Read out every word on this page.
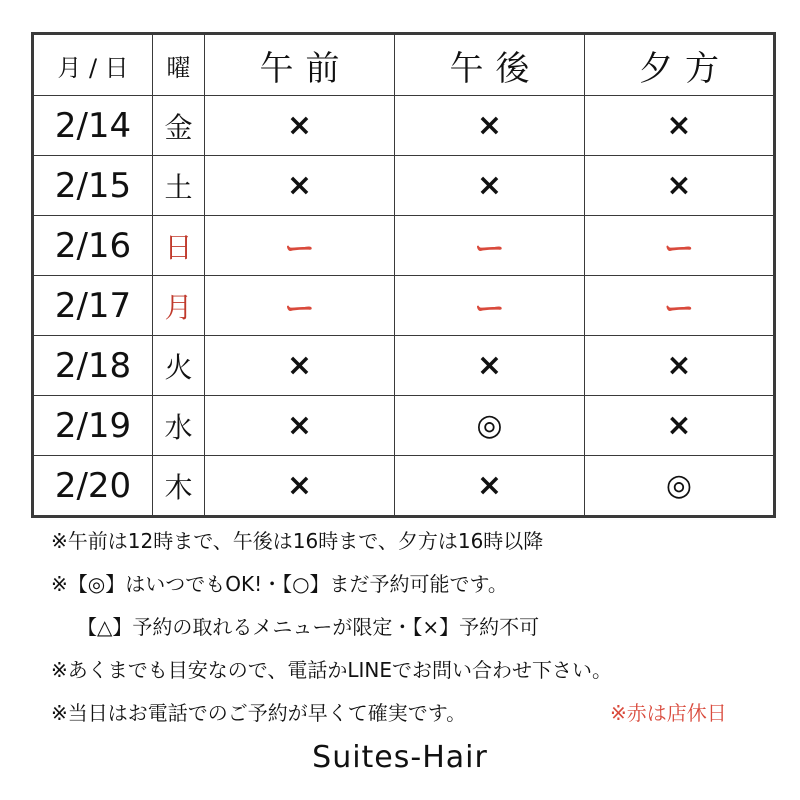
月 / 日	曜	午前	午後	夕方
2/14	金	×	×	×
2/15	土	×	×	×
2/16	日	ー	ー	ー
2/17	月	ー	ー	ー
2/18	火	×	×	×
2/19	水	×	◎	×
2/20	木	×	×	◎
※午前は12時まで、午後は16時まで、夕方は16時以降
※【◎】はいつでもOK!・【○】まだ予約可能です。
【△】予約の取れるメニューが限定・【×】予約不可
※あくまでも目安なので、電話かLINEでお問い合わせ下さい。
※当日はお電話でのご予約が早くて確実です。	※赤は店休日
Suites-Hair
